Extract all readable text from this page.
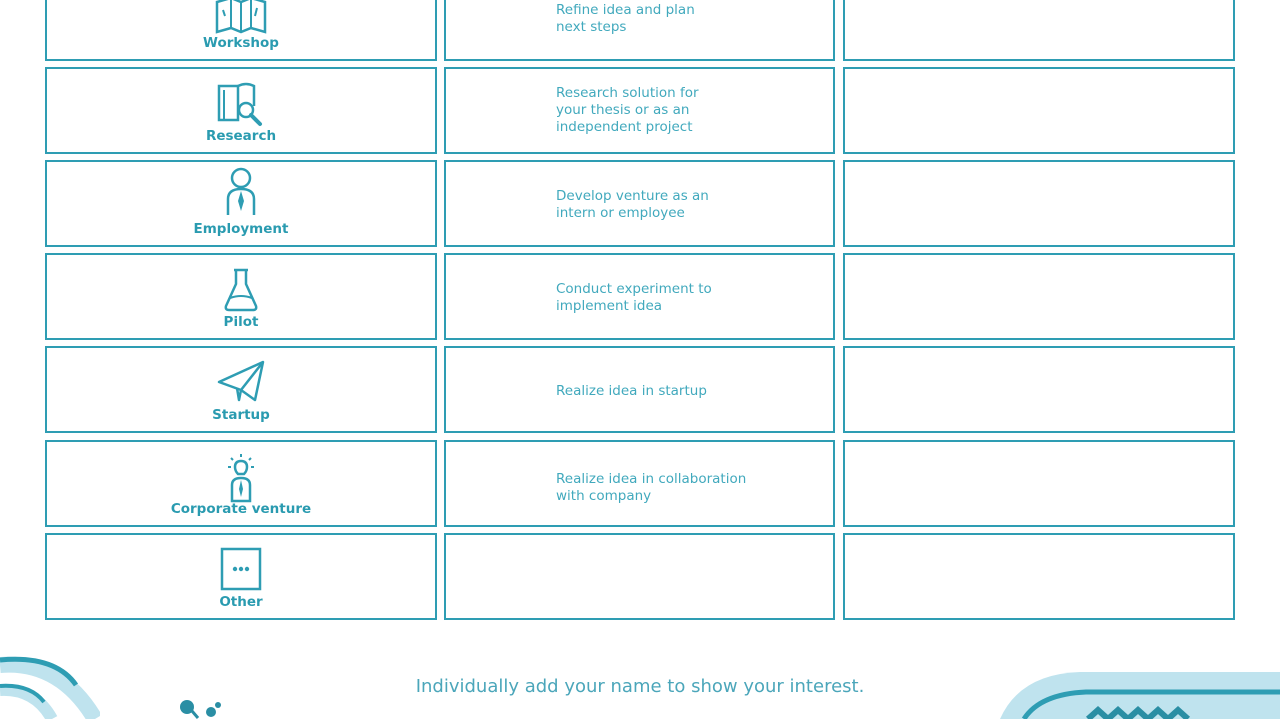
Workshop
Refine idea and plan
next steps
Research
Research solution for
your thesis or as an
independent project
Employment
Develop venture as an
intern or employee
Pilot
Conduct experiment to
implement idea
Startup
Realize idea in startup
Corporate venture
Realize idea in collaboration
with company
Other
Individually add your name to show your interest.
